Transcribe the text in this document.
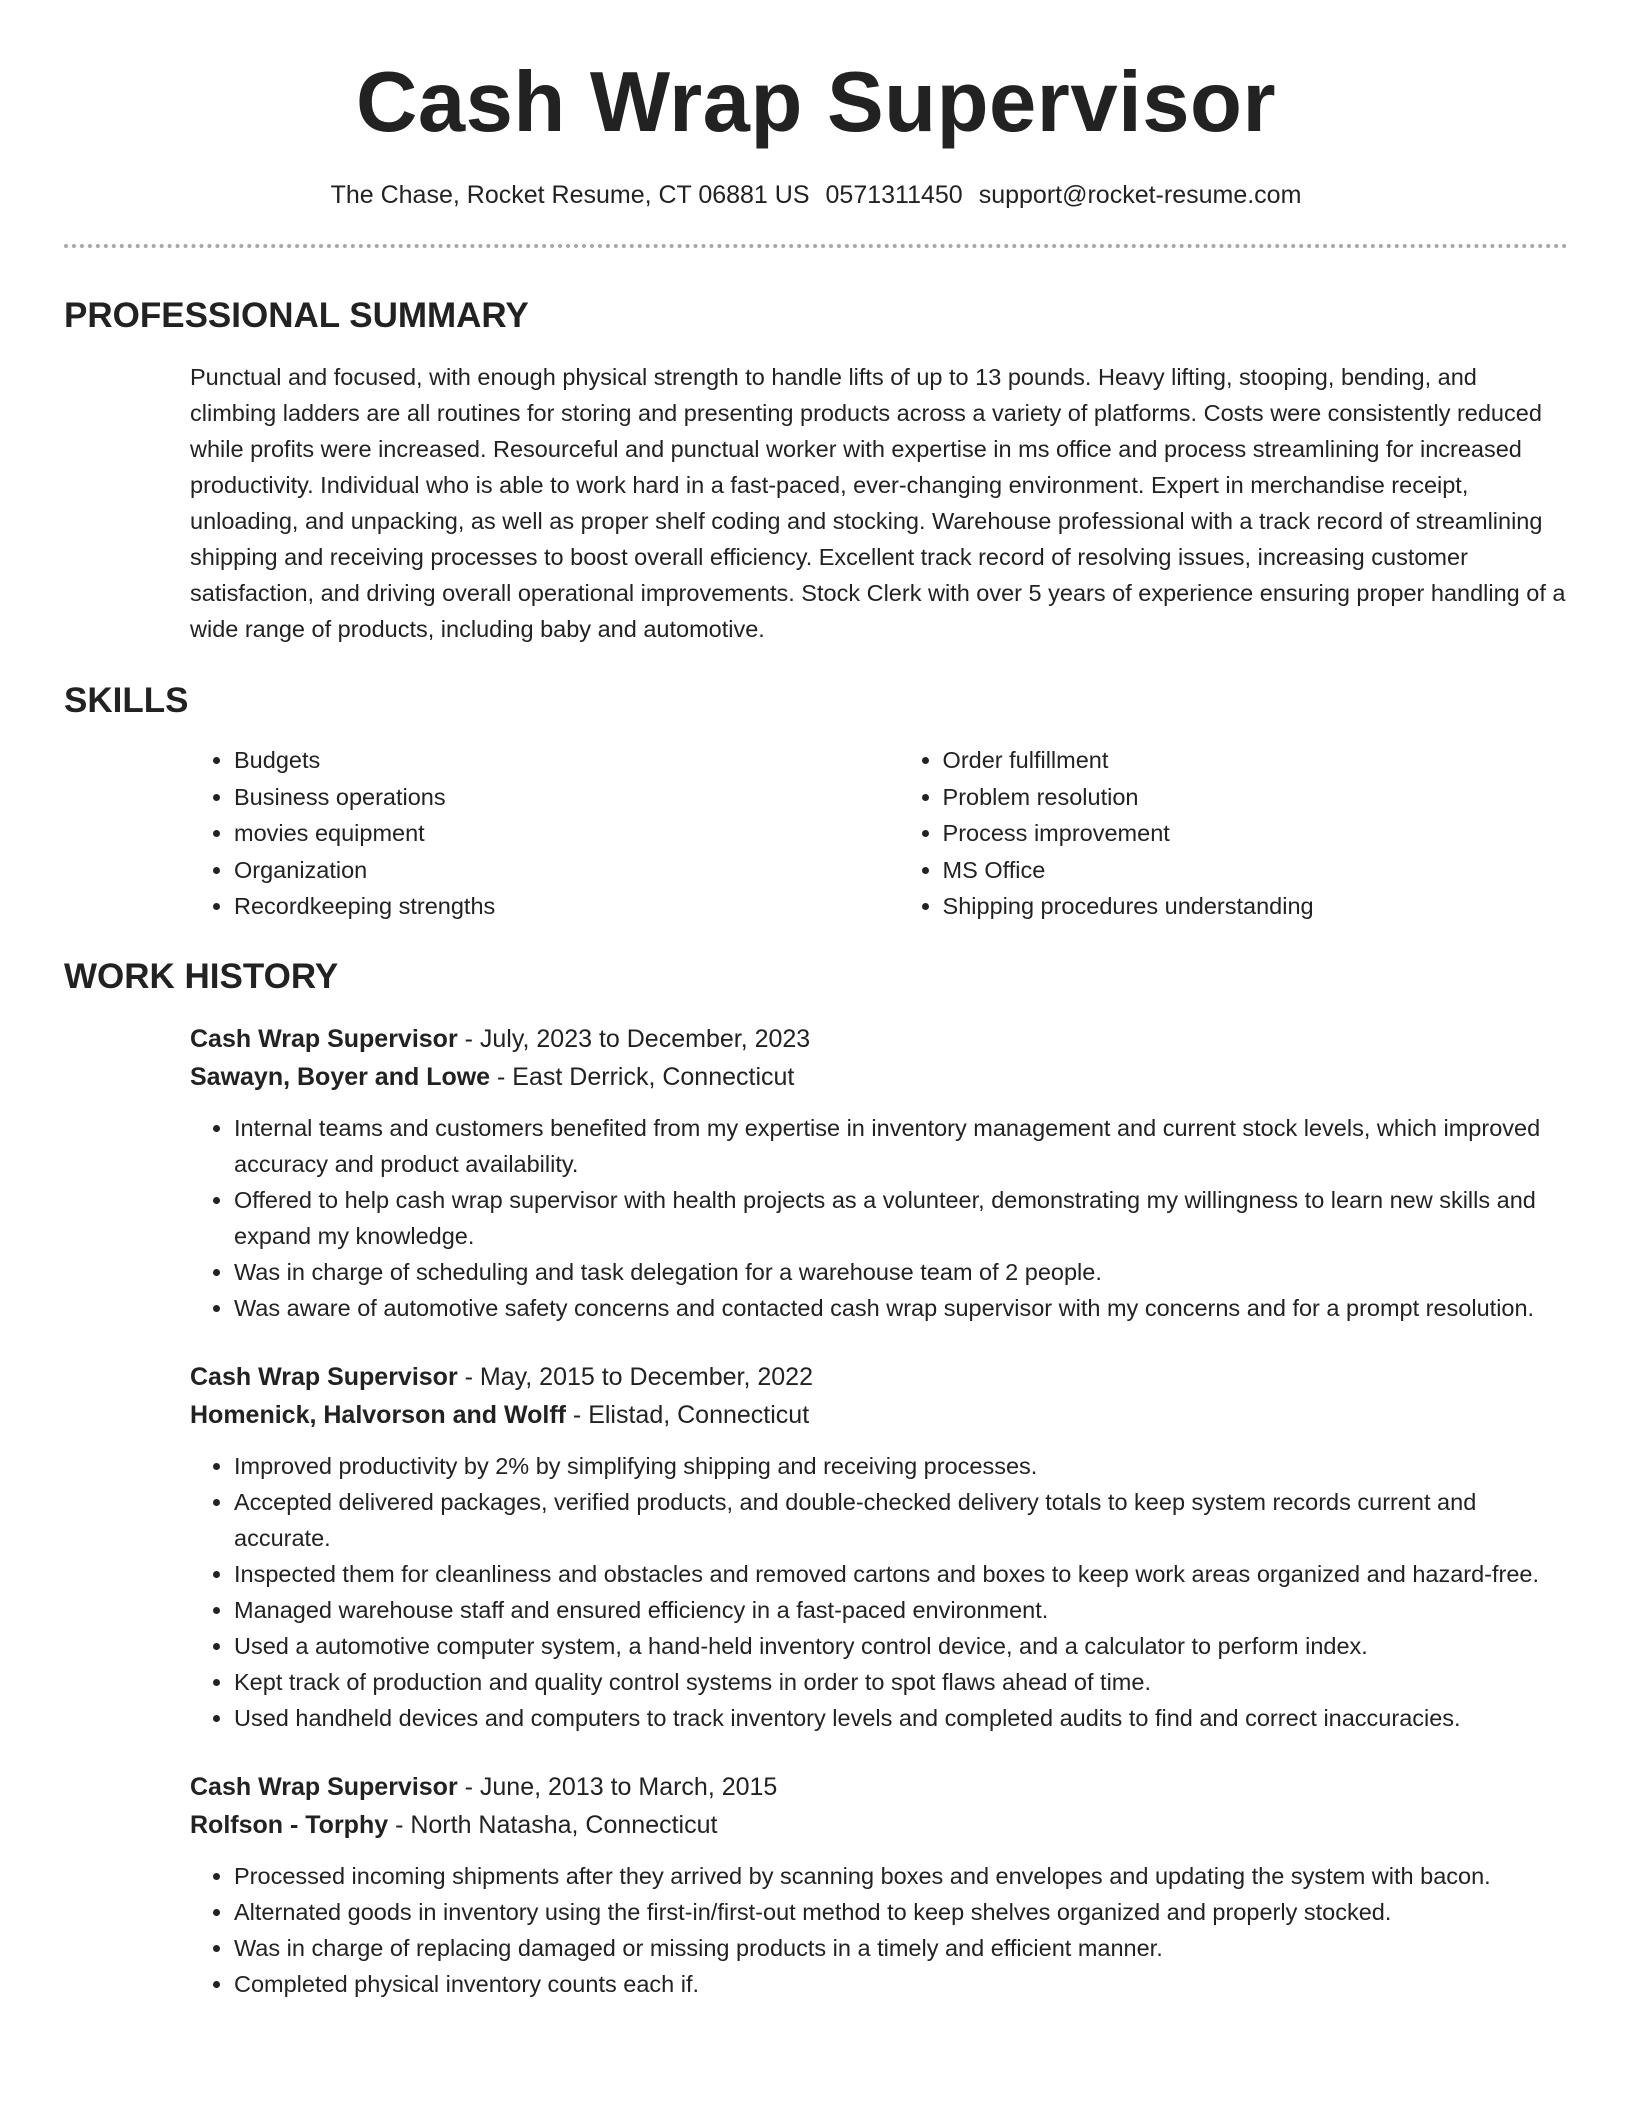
Cash Wrap Supervisor
The Chase, Rocket Resume, CT 06881 US 0571311450 support@rocket-resume.com
PROFESSIONAL SUMMARY
Punctual and focused, with enough physical strength to handle lifts of up to 13 pounds. Heavy lifting, stooping, bending, and climbing ladders are all routines for storing and presenting products across a variety of platforms. Costs were consistently reduced while profits were increased. Resourceful and punctual worker with expertise in ms office and process streamlining for increased productivity. Individual who is able to work hard in a fast-paced, ever-changing environment. Expert in merchandise receipt, unloading, and unpacking, as well as proper shelf coding and stocking. Warehouse professional with a track record of streamlining shipping and receiving processes to boost overall efficiency. Excellent track record of resolving issues, increasing customer satisfaction, and driving overall operational improvements. Stock Clerk with over 5 years of experience ensuring proper handling of a wide range of products, including baby and automotive.
SKILLS
• Budgets
• Business operations
• movies equipment
• Organization
• Recordkeeping strengths
• Order fulfillment
• Problem resolution
• Process improvement
• MS Office
• Shipping procedures understanding
WORK HISTORY
Cash Wrap Supervisor - July, 2023 to December, 2023
Sawayn, Boyer and Lowe - East Derrick, Connecticut
• Internal teams and customers benefited from my expertise in inventory management and current stock levels, which improved accuracy and product availability.
• Offered to help cash wrap supervisor with health projects as a volunteer, demonstrating my willingness to learn new skills and expand my knowledge.
• Was in charge of scheduling and task delegation for a warehouse team of 2 people.
• Was aware of automotive safety concerns and contacted cash wrap supervisor with my concerns and for a prompt resolution.
Cash Wrap Supervisor - May, 2015 to December, 2022
Homenick, Halvorson and Wolff - Elistad, Connecticut
• Improved productivity by 2% by simplifying shipping and receiving processes.
• Accepted delivered packages, verified products, and double-checked delivery totals to keep system records current and accurate.
• Inspected them for cleanliness and obstacles and removed cartons and boxes to keep work areas organized and hazard-free.
• Managed warehouse staff and ensured efficiency in a fast-paced environment.
• Used a automotive computer system, a hand-held inventory control device, and a calculator to perform index.
• Kept track of production and quality control systems in order to spot flaws ahead of time.
• Used handheld devices and computers to track inventory levels and completed audits to find and correct inaccuracies.
Cash Wrap Supervisor - June, 2013 to March, 2015
Rolfson - Torphy - North Natasha, Connecticut
• Processed incoming shipments after they arrived by scanning boxes and envelopes and updating the system with bacon.
• Alternated goods in inventory using the first-in/first-out method to keep shelves organized and properly stocked.
• Was in charge of replacing damaged or missing products in a timely and efficient manner.
• Completed physical inventory counts each if.
